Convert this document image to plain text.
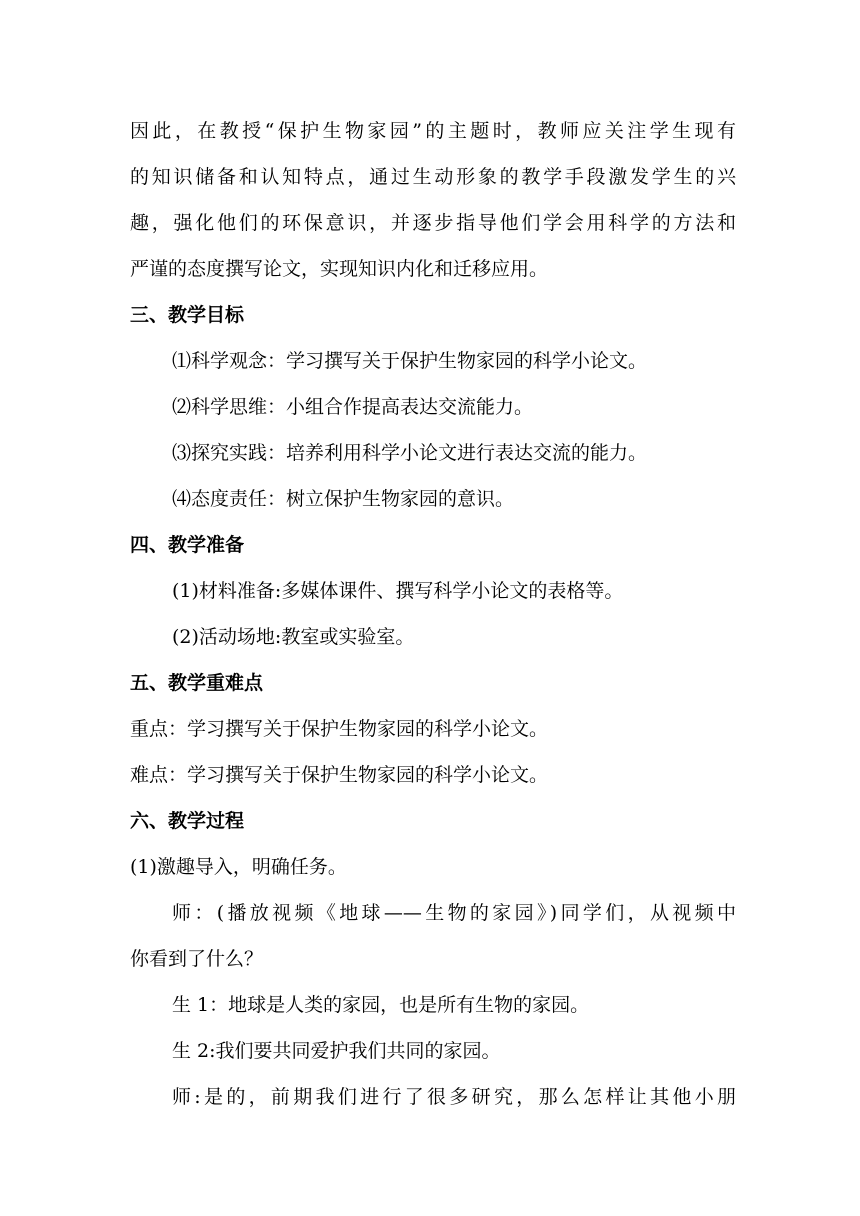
因此，在教授“保护生物家园”的主题时，教师应关注学生现有
的知识储备和认知特点，通过生动形象的教学手段激发学生的兴
趣，强化他们的环保意识，并逐步指导他们学会用科学的方法和
严谨的态度撰写论文，实现知识内化和迁移应用。
三、教学目标
⑴科学观念：学习撰写关于保护生物家园的科学小论文。
⑵科学思维：小组合作提高表达交流能力。
⑶探究实践：培养利用科学小论文进行表达交流的能力。
⑷态度责任：树立保护生物家园的意识。
四、教学准备
(1)材料准备:多媒体课件、撰写科学小论文的表格等。
(2)活动场地:教室或实验室。
五、教学重难点
重点：学习撰写关于保护生物家园的科学小论文。
难点：学习撰写关于保护生物家园的科学小论文。
六、教学过程
(1)激趣导入，明确任务。
师：(播放视频《地球——生物的家园》)同学们，从视频中
你看到了什么？
生 1：地球是人类的家园，也是所有生物的家园。
生 2:我们要共同爱护我们共同的家园。
师:是的，前期我们进行了很多研究，那么怎样让其他小朋
